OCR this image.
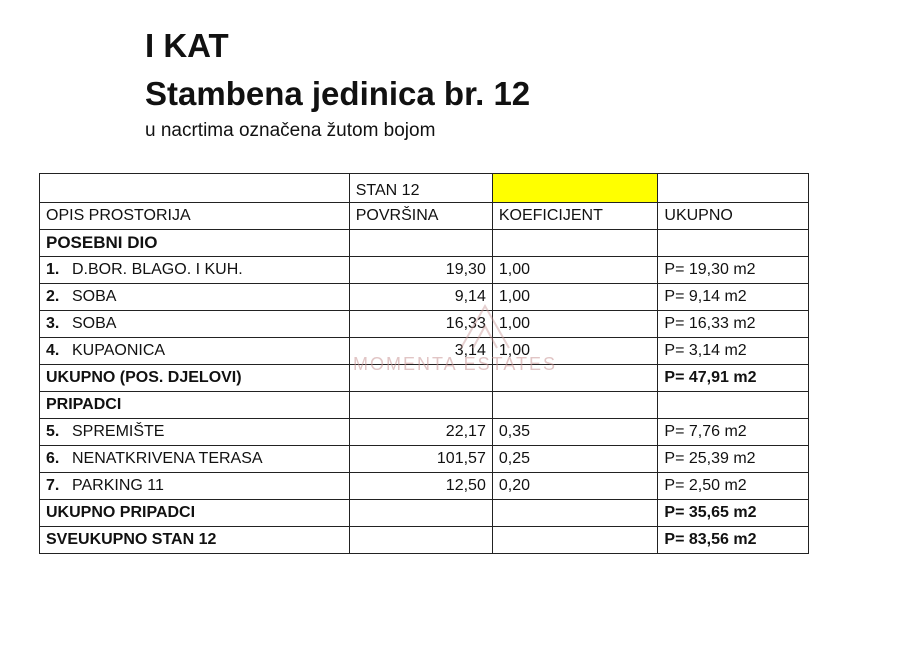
I KAT
Stambena jedinica br. 12
u nacrtima označena žutom bojom
	STAN 12		
OPIS PROSTORIJA	POVRŠINA	KOEFICIJENT	UKUPNO
POSEBNI DIO			
1. D.BOR. BLAGO. I KUH.	19,30	1,00	P= 19,30 m2
2. SOBA	9,14	1,00	P= 9,14 m2
3. SOBA	16,33	1,00	P= 16,33 m2
4. KUPAONICA	3,14	1,00	P= 3,14 m2
UKUPNO (POS. DJELOVI)			P= 47,91 m2
PRIPADCI			
5. SPREMIŠTE	22,17	0,35	P= 7,76 m2
6. NENATKRIVENA TERASA	101,57	0,25	P= 25,39 m2
7. PARKING 11	12,50	0,20	P= 2,50 m2
UKUPNO PRIPADCI			P= 35,65 m2
SVEUKUPNO STAN 12			P= 83,56 m2
MOMENTA ESTATES
